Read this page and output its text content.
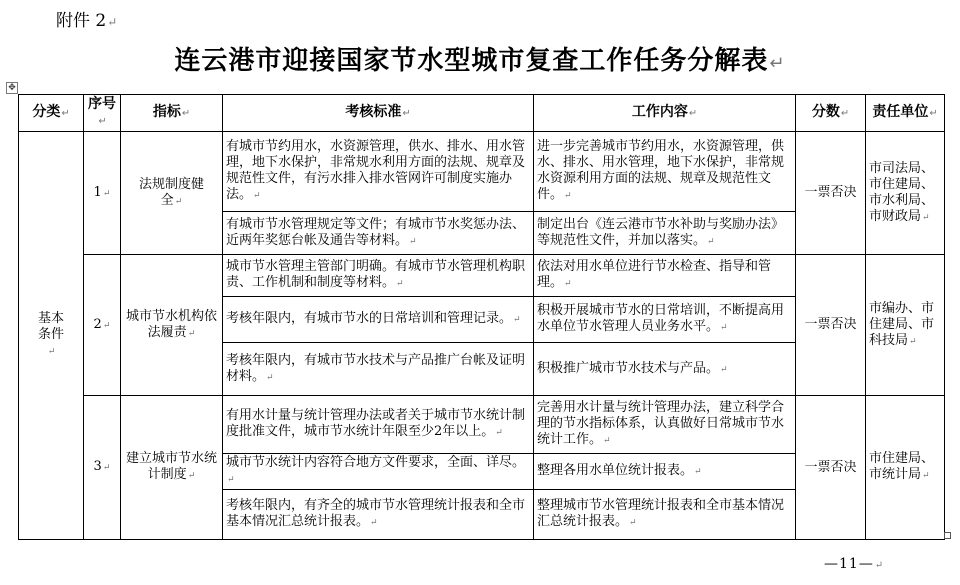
附件 2↵
连云港市迎接国家节水型城市复查工作任务分解表↵
✥
分类↵	序号↵	指标↵	考核标准↵	工作内容↵	分数↵	责任单位↵

基本条件↵	1↵	法规制度健全↵	有城市节约用水，水资源管理，供水、排水、用水管理，地下水保护，非常规水利用方面的法规、规章及规范性文件，有污水排入排水管网许可制度实施办法。↵	进一步完善城市节约用水，水资源管理，供水、排水、用水管理，地下水保护，非常规水资源利用方面的法规、规章及规范性文件。↵	一票否决	市司法局、市住建局、市水利局、市财政局↵
			有城市节水管理规定等文件；有城市节水奖惩办法、近两年奖惩台帐及通告等材料。↵	制定出台《连云港市节水补助与奖励办法》等规范性文件，并加以落实。↵		
	2↵	城市节水机构依法履责↵	城市节水管理主管部门明确。有城市节水管理机构职责、工作机制和制度等材料。↵	依法对用水单位进行节水检查、指导和管理。↵	一票否决	市编办、市住建局、市科技局↵
			考核年限内，有城市节水的日常培训和管理记录。↵	积极开展城市节水的日常培训，不断提高用水单位节水管理人员业务水平。↵		
			考核年限内，有城市节水技术与产品推广台帐及证明材料。↵	积极推广城市节水技术与产品。↵		
	3↵	建立城市节水统计制度↵	有用水计量与统计管理办法或者关于城市节水统计制度批准文件，城市节水统计年限至少2年以上。↵	完善用水计量与统计管理办法，建立科学合理的节水指标体系，认真做好日常城市节水统计工作。↵	一票否决	市住建局、市统计局↵
			城市节水统计内容符合地方文件要求，全面、详尽。↵	整理各用水单位统计报表。↵		
			考核年限内，有齐全的城市节水管理统计报表和全市基本情况汇总统计报表。↵	整理城市节水管理统计报表和全市基本情况汇总统计报表。↵		
—11—↵
